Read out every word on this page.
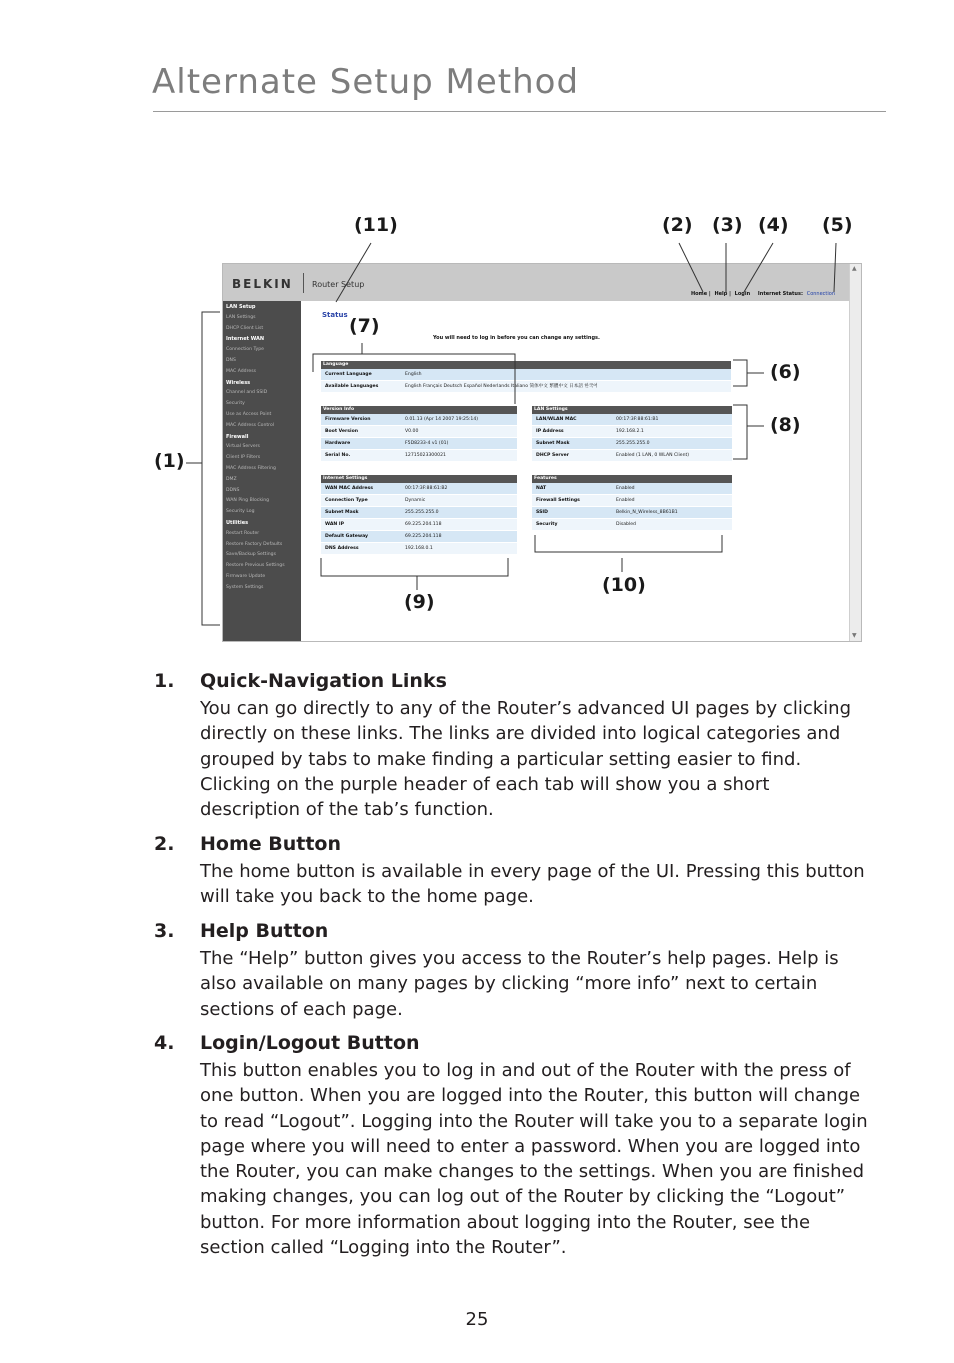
Alternate Setup Method
BELKIN Router Setup
Home | Help | Login Internet Status: Connection
LAN Setup
LAN Settings
DHCP Client List
Internet WAN
Connection Type
DNS
MAC Address
Wireless
Channel and SSID
Security
Use as Access Point
MAC Address Control
Firewall
Virtual Servers
Client IP Filters
MAC Address Filtering
DMZ
DDNS
WAN Ping Blocking
Security Log
Utilities
Restart Router
Restore Factory Defaults
Save/Backup Settings
Restore Previous Settings
Firmware Update
System Settings
Status
You will need to log in before you can change any settings.
Language
Current Language	English
Available Languages	English Français Deutsch Español Nederlands Italiano 简体中文 繁體中文 日本語 한국어
Version Info
Firmware Version	0.01.13 (Apr 14 2007 19:25:14)
Boot Version	V0.00
Hardware	F5D8233-4 v1 (01)
Serial No.	12715023300021
LAN Settings
LAN/WLAN MAC	00:17:3F:88:61:B1
IP Address	192.168.2.1
Subnet Mask	255.255.255.0
DHCP Server	Enabled (1 LAN, 0 WLAN Client)
Internet Settings
WAN MAC Address	00:17:3F:88:61:B2
Connection Type	Dynamic
Subnet Mask	255.255.255.0
WAN IP	69.225.204.118
Default Gateway	69.225.204.118
DNS Address	192.168.0.1
Features
NAT	Enabled
Firewall Settings	Enabled
SSID	Belkin_N_Wireless_8B61B1
Security	Disabled
▲
▼
(11)	(2) (3) (4) (5)
(7)
(6)
(8)
(1)
(10)
(9)
1. Quick-Navigation Links
You can go directly to any of the Router’s advanced UI pages by clicking directly on these links. The links are divided into logical categories and grouped by tabs to make finding a particular setting easier to find. Clicking on the purple header of each tab will show you a short description of the tab’s function.
2. Home Button
The home button is available in every page of the UI. Pressing this button will take you back to the home page.
3. Help Button
The “Help” button gives you access to the Router’s help pages. Help is also available on many pages by clicking “more info” next to certain sections of each page.
4. Login/Logout Button
This button enables you to log in and out of the Router with the press of one button. When you are logged into the Router, this button will change to read “Logout”. Logging into the Router will take you to a separate login page where you will need to enter a password. When you are logged into the Router, you can make changes to the settings. When you are finished making changes, you can log out of the Router by clicking the “Logout” button. For more information about logging into the Router, see the section called “Logging into the Router”.
25
